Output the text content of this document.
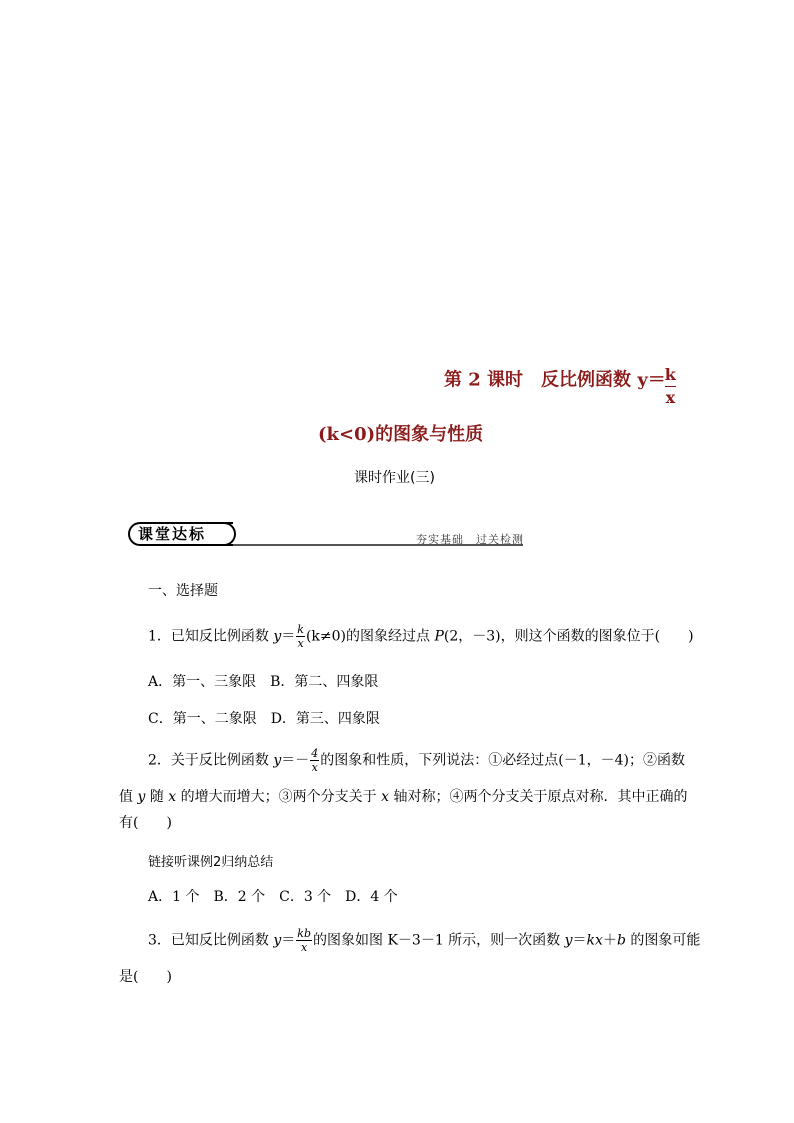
第 2 课时　反比例函数 $y= \frac{k}{x}$
(k<0)的图象与性质
课时作业(三)
课堂达标	夯实基础　过关检测
一、选择题
1．已知反比例函数 $y= \frac{k}{x} (k\ne 0)$的图象经过点 P(2，－3)，则这个函数的图象位于(　　)
A．第一、三象限　B．第二、四象限
C．第一、二象限　D．第三、四象限
2．关于反比例函数 $y=- \frac{4}{x}$ 的图象和性质，下列说法：①必经过点(－1，－4)；②函数
值 y 随 x 的增大而增大；③两个分支关于 x 轴对称；④两个分支关于原点对称．其中正确的
有(　　)
链接听课例2归纳总结
A．1 个　B．2 个　C．3 个　D．4 个
3．已知反比例函数 $y= \frac{kb}{x}$ 的图象如图 K－3－1 所示，则一次函数 y＝kx＋b 的图象可能
是(　　)
